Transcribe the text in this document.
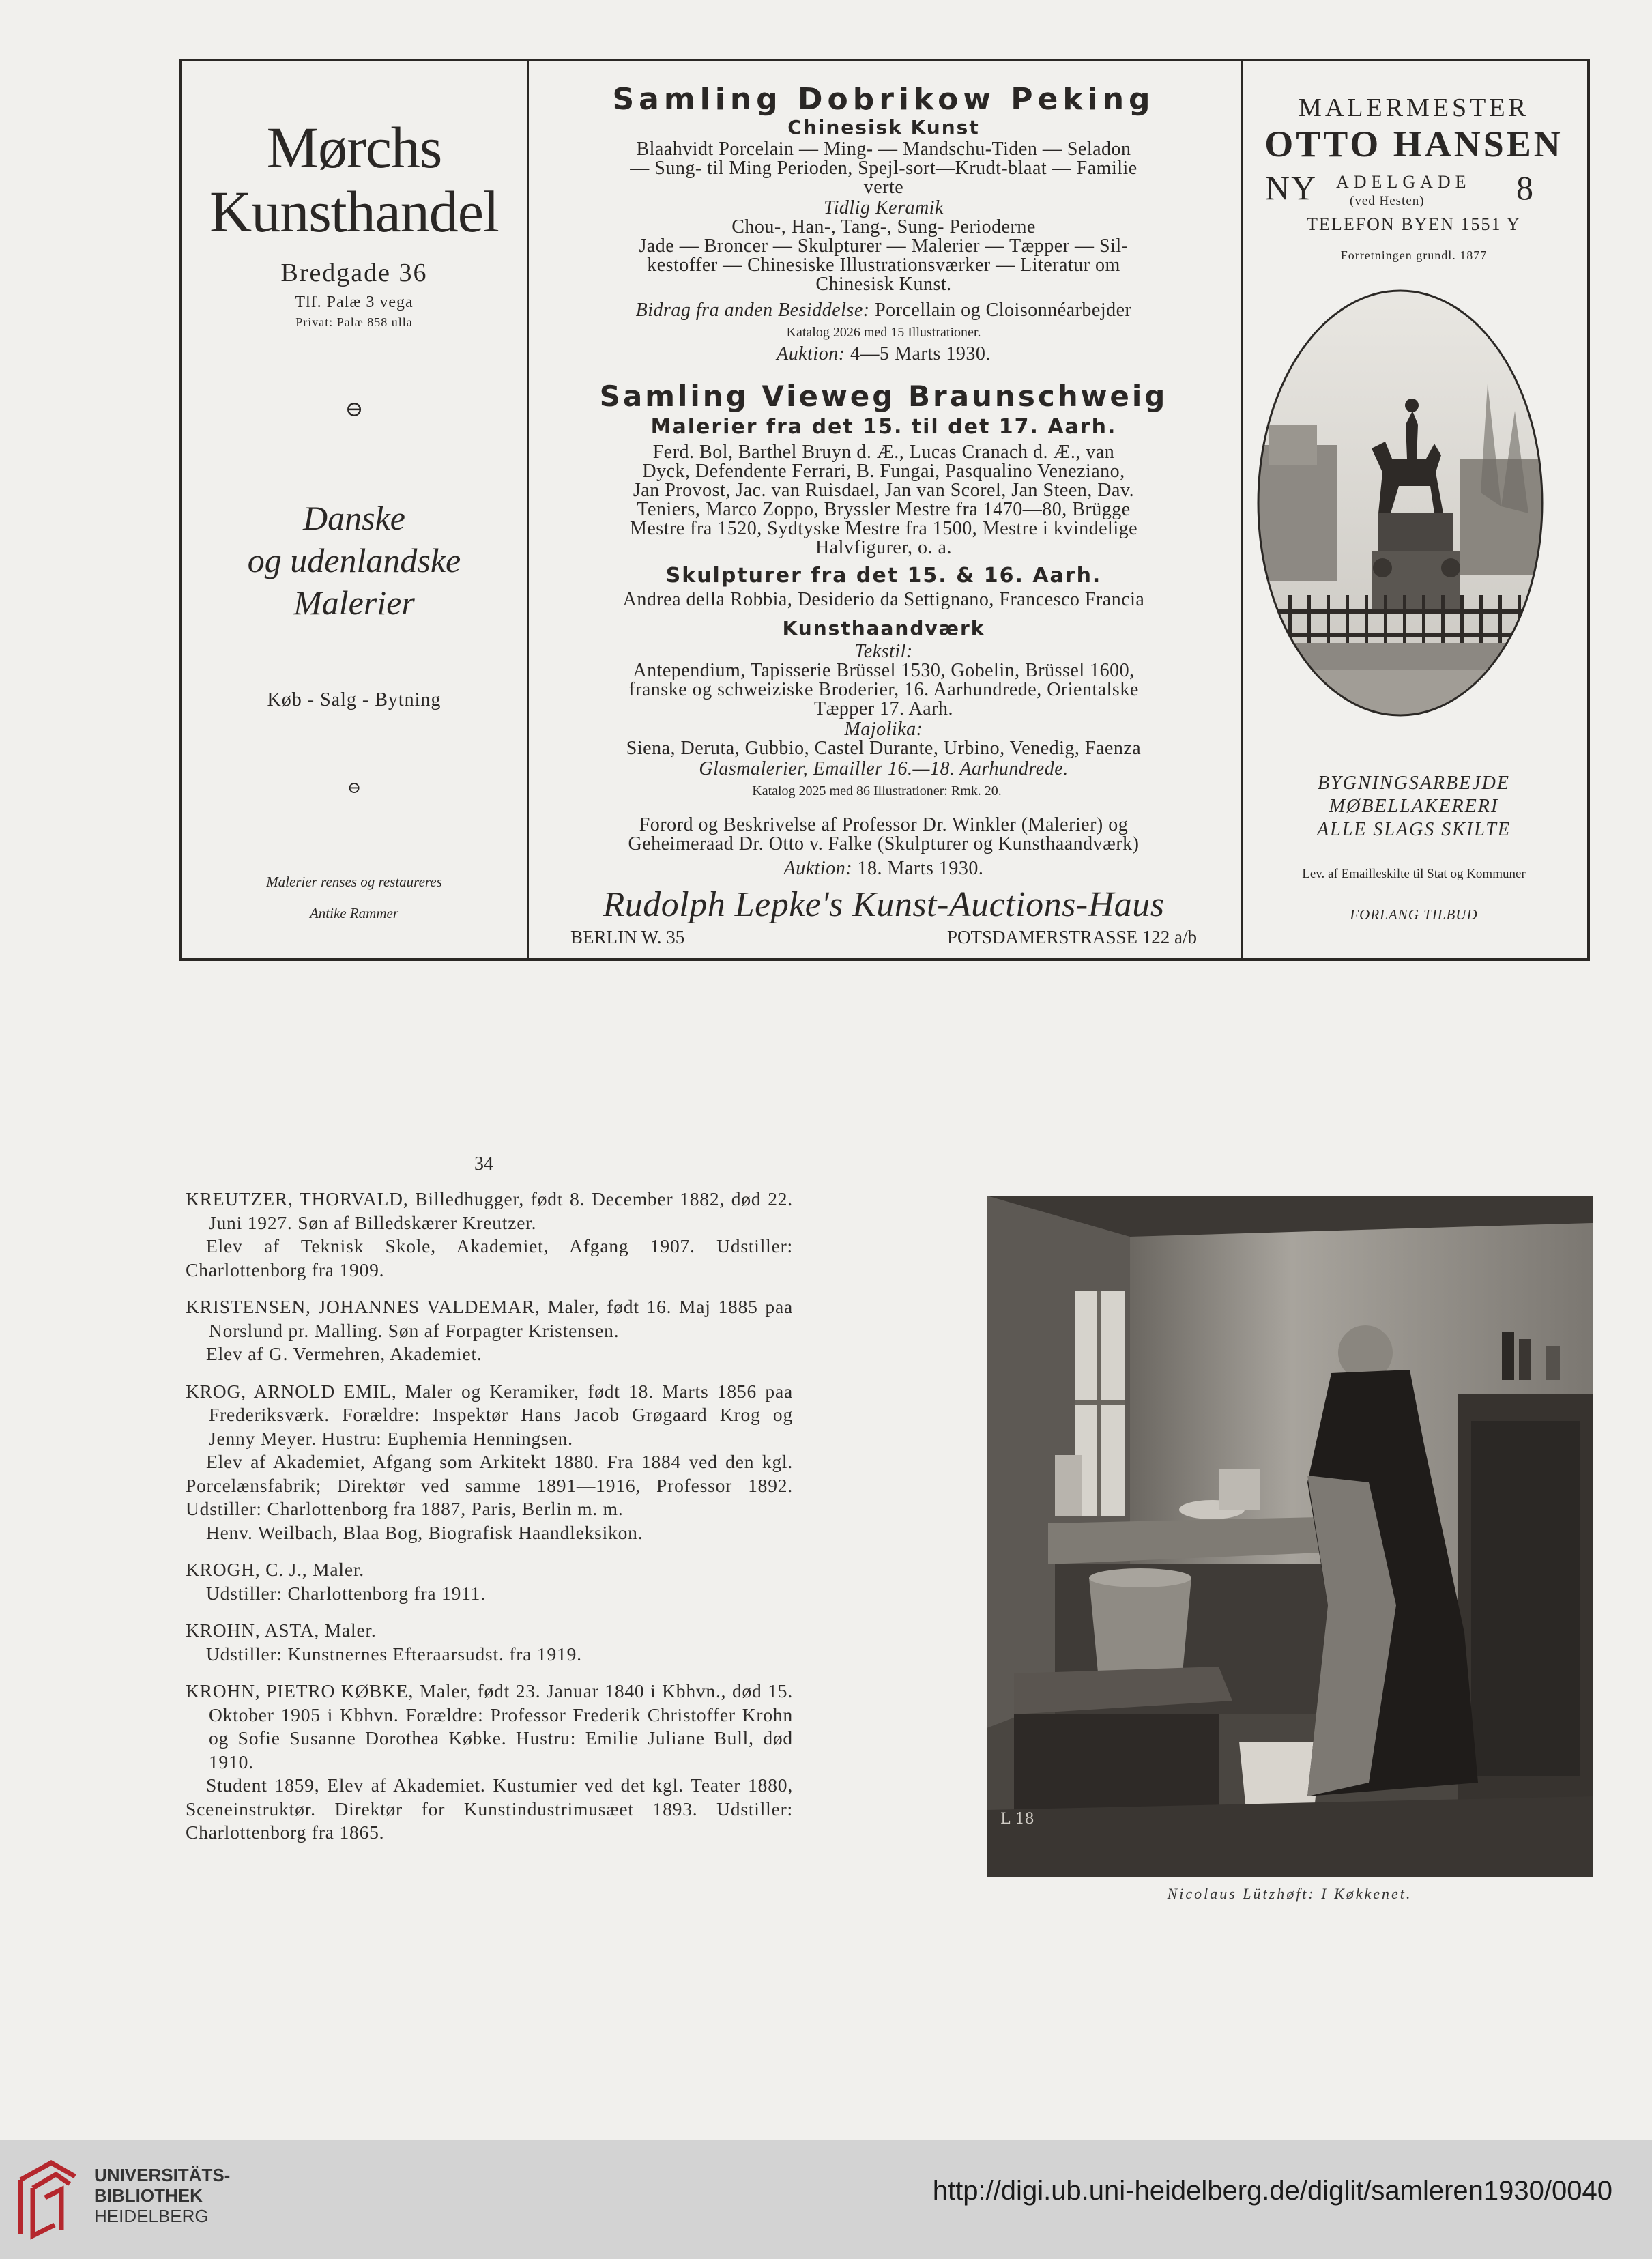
Mørchs
Kunsthandel
Bredgade 36
Tlf. Palæ 3 vega
Privat: Palæ 858 ulla
⊖
Danske
og udenlandske
Malerier
Køb - Salg - Bytning
⊖
Malerier renses og restaureres
Antike Rammer
Samling Dobrikow Peking
Chinesisk Kunst
Blaahvidt Porcelain — Ming- — Mandschu-Tiden — Seladon
— Sung- til Ming Perioden, Spejl-sort—Krudt-blaat — Familie
verte
Tidlig Keramik
Chou-, Han-, Tang-, Sung- Perioderne
Jade — Broncer — Skulpturer — Malerier — Tæpper — Sil-
kestoffer — Chinesiske Illustrationsværker — Literatur om
Chinesisk Kunst.
Bidrag fra anden Besiddelse: Porcellain og Cloisonnéarbejder
Katalog 2026 med 15 Illustrationer.
Auktion: 4—5 Marts 1930.
Samling Vieweg Braunschweig
Malerier fra det 15. til det 17. Aarh.
Ferd. Bol, Barthel Bruyn d. Æ., Lucas Cranach d. Æ., van
Dyck, Defendente Ferrari, B. Fungai, Pasqualino Veneziano,
Jan Provost, Jac. van Ruisdael, Jan van Scorel, Jan Steen, Dav.
Teniers, Marco Zoppo, Bryssler Mestre fra 1470—80, Brügge
Mestre fra 1520, Sydtyske Mestre fra 1500, Mestre i kvindelige
Halvfigurer, o. a.
Skulpturer fra det 15. & 16. Aarh.
Andrea della Robbia, Desiderio da Settignano, Francesco Francia
Kunsthaandværk
Tekstil:
Antependium, Tapisserie Brüssel 1530, Gobelin, Brüssel 1600,
franske og schweiziske Broderier, 16. Aarhundrede, Orientalske
Tæpper 17. Aarh.
Majolika:
Siena, Deruta, Gubbio, Castel Durante, Urbino, Venedig, Faenza
Glasmalerier, Emailler 16.—18. Aarhundrede.
Katalog 2025 med 86 Illustrationer: Rmk. 20.—
Forord og Beskrivelse af Professor Dr. Winkler (Malerier) og
Geheimeraad Dr. Otto v. Falke (Skulpturer og Kunsthaandværk)
Auktion: 18. Marts 1930.
Rudolph Lepke's Kunst-Auctions-Haus
BERLIN W. 35	POTSDAMERSTRASSE 122 a/b
MALERMESTER
OTTO HANSEN
NY ADELGADE
(ved Hesten)	8
TELEFON BYEN 1551 Y
Forretningen grundl. 1877
BYGNINGSARBEJDE
MØBELLAKERERI
ALLE SLAGS SKILTE
Lev. af Emailleskilte til Stat og Kommuner
FORLANG TILBUD
34

KREUTZER, THORVALD, Billedhugger, født 8. December 1882, død 22. Juni 1927. Søn af Billedskærer Kreutzer.

Elev af Teknisk Skole, Akademiet, Afgang 1907. Udstiller: Charlottenborg fra 1909.

KRISTENSEN, JOHANNES VALDEMAR, Maler, født 16. Maj 1885 paa Norslund pr. Malling. Søn af Forpagter Kristensen.

Elev af G. Vermehren, Akademiet.

KROG, ARNOLD EMIL, Maler og Keramiker, født 18. Marts 1856 paa Frederiksværk. Forældre: Inspektør Hans Jacob Grøgaard Krog og Jenny Meyer. Hustru: Euphemia Henningsen.

Elev af Akademiet, Afgang som Arkitekt 1880. Fra 1884 ved den kgl. Porcelænsfabrik; Direktør ved samme 1891—1916, Professor 1892. Udstiller: Charlottenborg fra 1887, Paris, Berlin m. m.

Henv. Weilbach, Blaa Bog, Biografisk Haandleksikon.

KROGH, C. J., Maler.

Udstiller: Charlottenborg fra 1911.

KROHN, ASTA, Maler.

Udstiller: Kunstnernes Efteraarsudst. fra 1919.

KROHN, PIETRO KØBKE, Maler, født 23. Januar 1840 i Kbhvn., død 15. Oktober 1905 i Kbhvn. Forældre: Professor Frederik Christoffer Krohn og Sofie Susanne Dorothea Købke. Hustru: Emilie Juliane Bull, død 1910.

Student 1859, Elev af Akademiet. Kustumier ved det kgl. Teater 1880, Sceneinstruktør. Direktør for Kunstindustrimusæet 1893. Udstiller: Charlottenborg fra 1865.

L 18
Nicolaus Lützhøft: I Køkkenet.
UNIVERSITÄTS-
BIBLIOTHEK
HEIDELBERG
http://digi.ub.uni-heidelberg.de/diglit/samleren1930/0040
